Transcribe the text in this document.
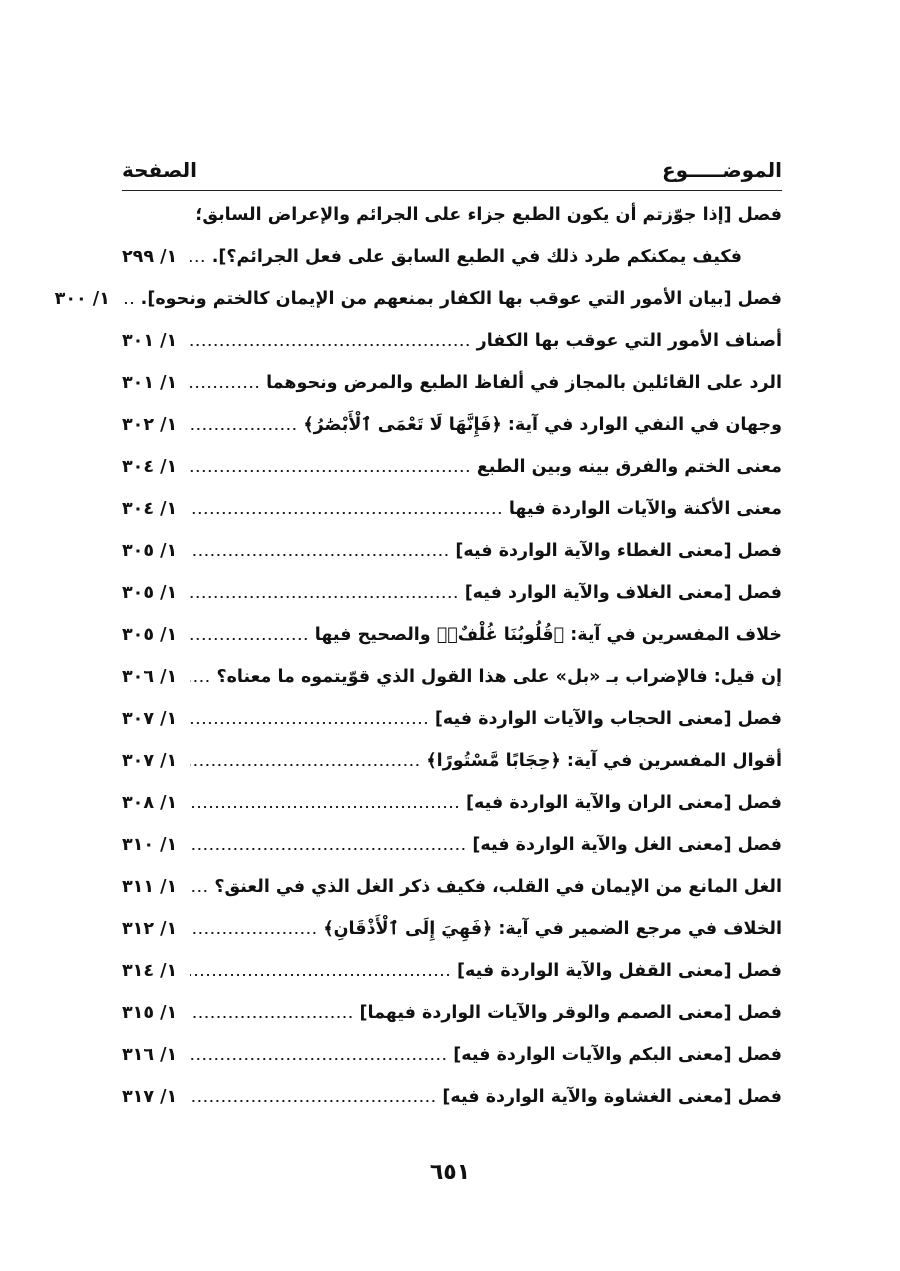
الموضـــــوع
الصفحة
فصل [إذا جوّزتم أن يكون الطبع جزاء على الجرائم والإعراض السابق؛
فكيف يمكنكم طرد ذلك في الطبع السابق على فعل الجرائم؟].
١/ ٢٩٩
فصل [بيان الأمور التي عوقب بها الكفار بمنعهم من الإيمان كالختم ونحوه].
١/ ٣٠٠
أصناف الأمور التي عوقب بها الكفار
١/ ٣٠١
الرد على القائلين بالمجاز في ألفاظ الطبع والمرض ونحوهما
١/ ٣٠١
وجهان في النفي الوارد في آية: ﴿فَإِنَّهَا لَا تَعْمَى ٱلْأَبْصَٰرُ﴾
١/ ٣٠٢
معنى الختم والفرق بينه وبين الطبع
١/ ٣٠٤
معنى الأكنة والآيات الواردة فيها
١/ ٣٠٤
فصل [معنى الغطاء والآية الواردة فيه]
١/ ٣٠٥
فصل [معنى الغلاف والآية الوارد فيه]
١/ ٣٠٥
خلاف المفسرين في آية: ﴿قُلُوبُنَا غُلْفٌۢ﴾ والصحيح فيها
١/ ٣٠٥
إن قيل: فالإضراب بـ «بل» على هذا القول الذي قوّيتموه ما معناه؟
١/ ٣٠٦
فصل [معنى الحجاب والآيات الواردة فيه]
١/ ٣٠٧
أقوال المفسرين في آية: ﴿حِجَابًا مَّسْتُورًا﴾
١/ ٣٠٧
فصل [معنى الران والآية الواردة فيه]
١/ ٣٠٨
فصل [معنى الغل والآية الواردة فيه]
١/ ٣١٠
الغل المانع من الإيمان في القلب، فكيف ذكر الغل الذي في العنق؟
١/ ٣١١
الخلاف في مرجع الضمير في آية: ﴿فَهِيَ إِلَى ٱلْأَذْقَانِ﴾
١/ ٣١٢
فصل [معنى القفل والآية الواردة فيه]
١/ ٣١٤
فصل [معنى الصمم والوقر والآيات الواردة فيهما]
١/ ٣١٥
فصل [معنى البكم والآيات الواردة فيه]
١/ ٣١٦
فصل [معنى الغشاوة والآية الواردة فيه]
١/ ٣١٧
٦٥١
